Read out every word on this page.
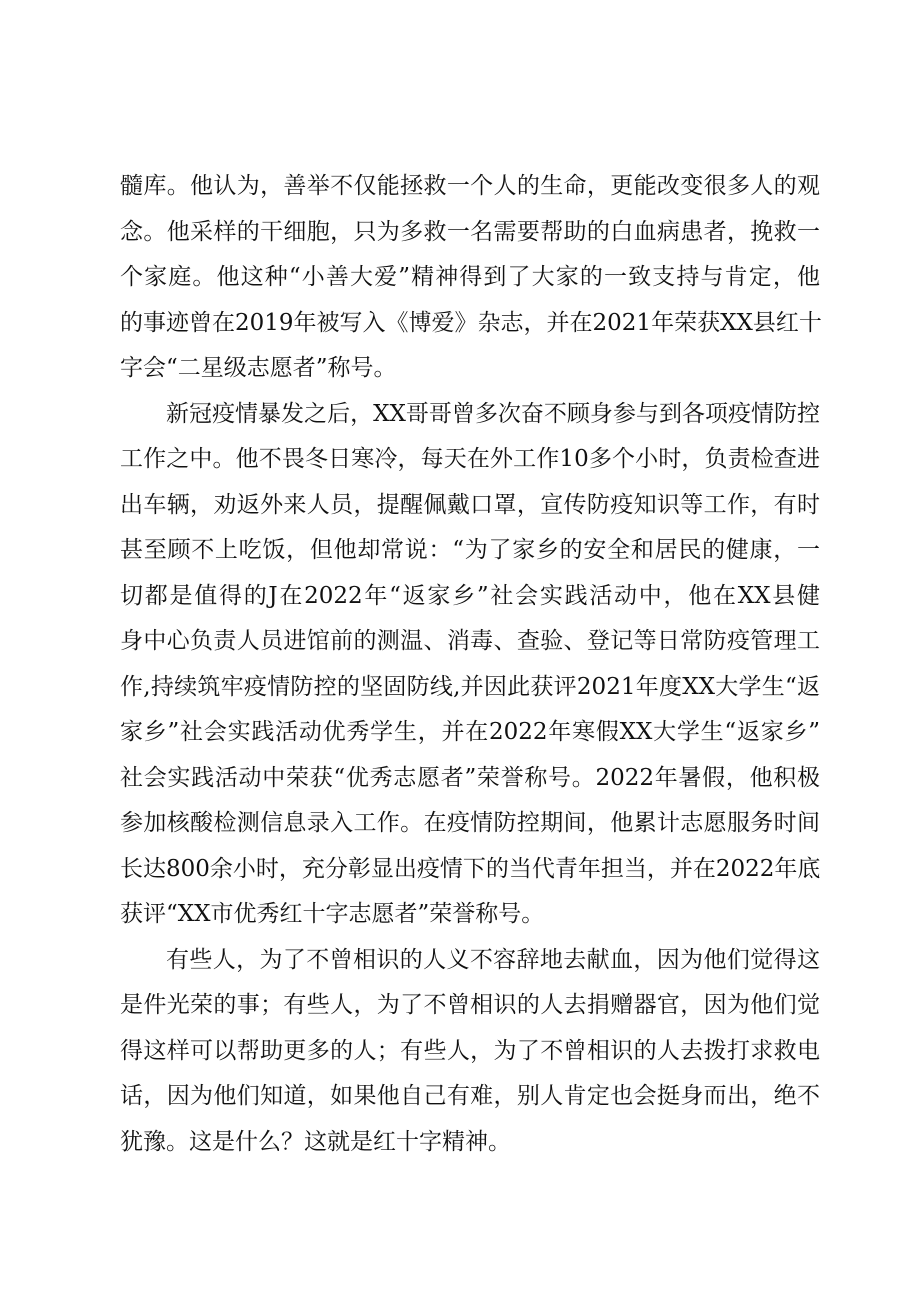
髓库。他认为，善举不仅能拯救一个人的生命，更能改变很多人的观
念。他采样的干细胞，只为多救一名需要帮助的白血病患者，挽救一
个家庭。他这种“小善大爱”精神得到了大家的一致支持与肯定，他
的事迹曾在2019年被写入《博爱》杂志，并在2021年荣获XX县红十
字会“二星级志愿者”称号。
新冠疫情暴发之后，XX哥哥曾多次奋不顾身参与到各项疫情防控
工作之中。他不畏冬日寒冷，每天在外工作10多个小时，负责检查进
出车辆，劝返外来人员，提醒佩戴口罩，宣传防疫知识等工作，有时
甚至顾不上吃饭，但他却常说：“为了家乡的安全和居民的健康，一
切都是值得的J在2022年“返家乡”社会实践活动中，他在XX县健
身中心负责人员进馆前的测温、消毒、查验、登记等日常防疫管理工
作,持续筑牢疫情防控的坚固防线,并因此获评2021年度XX大学生“返
家乡”社会实践活动优秀学生，并在2022年寒假XX大学生“返家乡”
社会实践活动中荣获“优秀志愿者”荣誉称号。2022年暑假，他积极
参加核酸检测信息录入工作。在疫情防控期间，他累计志愿服务时间
长达800余小时，充分彰显出疫情下的当代青年担当，并在2022年底
获评“XX市优秀红十字志愿者”荣誉称号。
有些人，为了不曾相识的人义不容辞地去献血，因为他们觉得这
是件光荣的事；有些人，为了不曾相识的人去捐赠器官，因为他们觉
得这样可以帮助更多的人；有些人，为了不曾相识的人去拨打求救电
话，因为他们知道，如果他自己有难，别人肯定也会挺身而出，绝不
犹豫。这是什么？这就是红十字精神。
